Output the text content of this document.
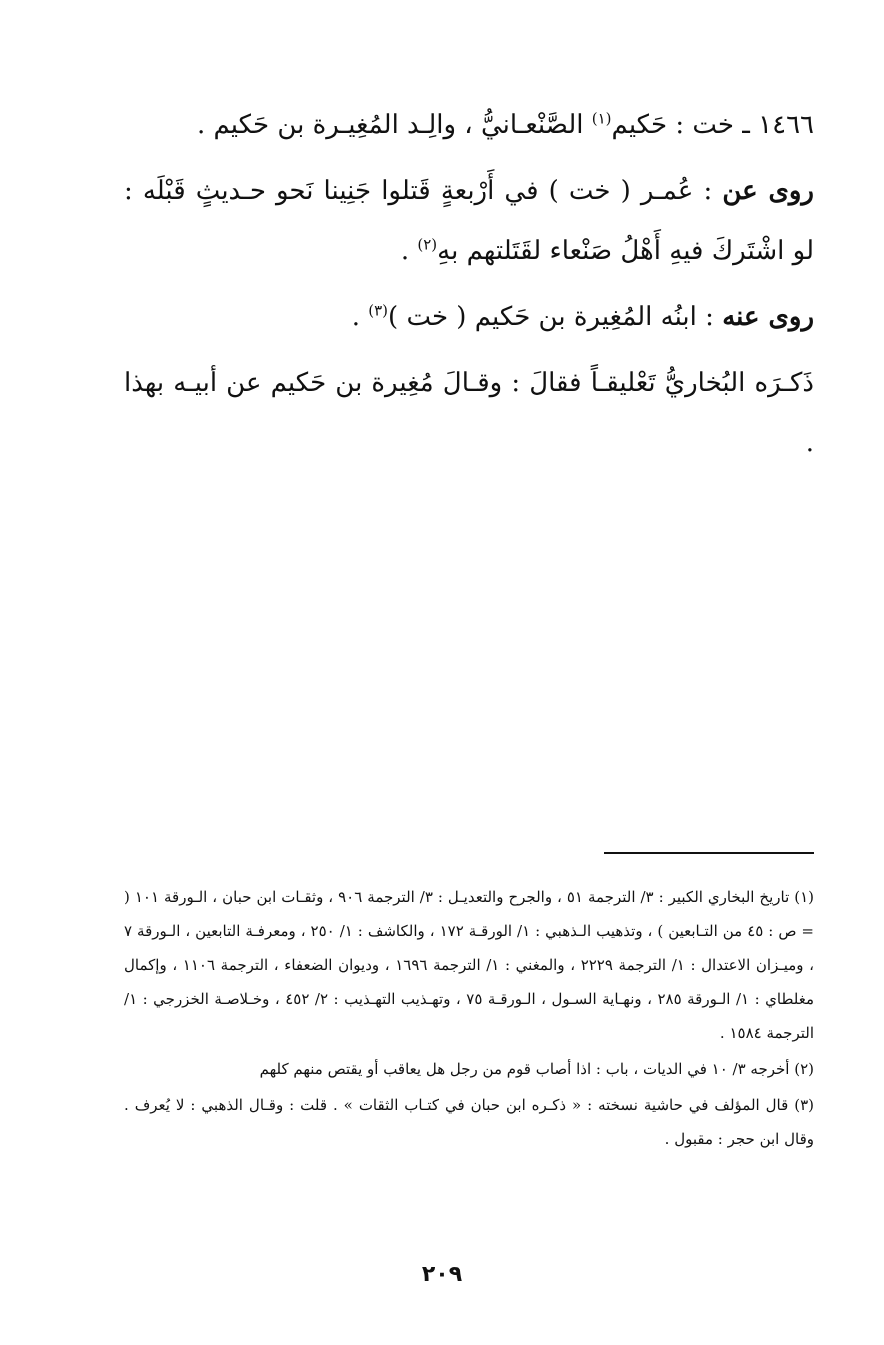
١٤٦٦ ـ خت : حَكيم$^{(١)}$ الصَّنْعـانيُّ ، والِـد المُغِيـرة بن حَكيم .

روى عن : عُمـر ( خت ) في أَرْبعةٍ قَتلوا جَنِينا نَحو حـديثٍ قَبْلَه : لو اشْتَركَ فيهِ أَهْلُ صَنْعاء لقَتَلتهم بهِ$^{(٢)}$ .

روى عنه : ابنُه المُغِيرة بن حَكيم ( خت )$^{(٣)}$ .

ذَكـرَه البُخاريُّ تَعْليقـاً فقالَ : وقـالَ مُغِيرة بن حَكيم عن أبيـه بهذا .

(١) تاريخ البخاري الكبير : ٣/ الترجمة ٥١ ، والجرح والتعديـل : ٣/ الترجمة ٩٠٦ ، وثقـات ابن حبان ، الـورقة ١٠١ ( = ص : ٤٥ من التـابعين ) ، وتذهيب الـذهبي : ١/ الورقـة ١٧٢ ، والكاشف : ١/ ٢٥٠ ، ومعرفـة التابعين ، الـورقة ٧ ، وميـزان الاعتدال : ١/ الترجمة ٢٢٢٩ ، والمغني : ١/ الترجمة ١٦٩٦ ، وديوان الضعفاء ، الترجمة ١١٠٦ ، وإكمال مغلطاي : ١/ الـورقة ٢٨٥ ، ونهـاية السـول ، الـورقـة ٧٥ ، وتهـذيب التهـذيب : ٢/ ٤٥٢ ، وخـلاصـة الخزرجي : ١/ الترجمة ١٥٨٤ .

(٢) أخرجه ٣/ ١٠ في الديات ، باب : اذا أصاب قوم من رجل هل يعاقب أو يقتص منهم كلهم

(٣) قال المؤلف في حاشية نسخته : « ذكـره ابن حبان في كتـاب الثقات » . قلت : وقـال الذهبي : لا يُعرف . وقال ابن حجر : مقبول .

٢٠٩
